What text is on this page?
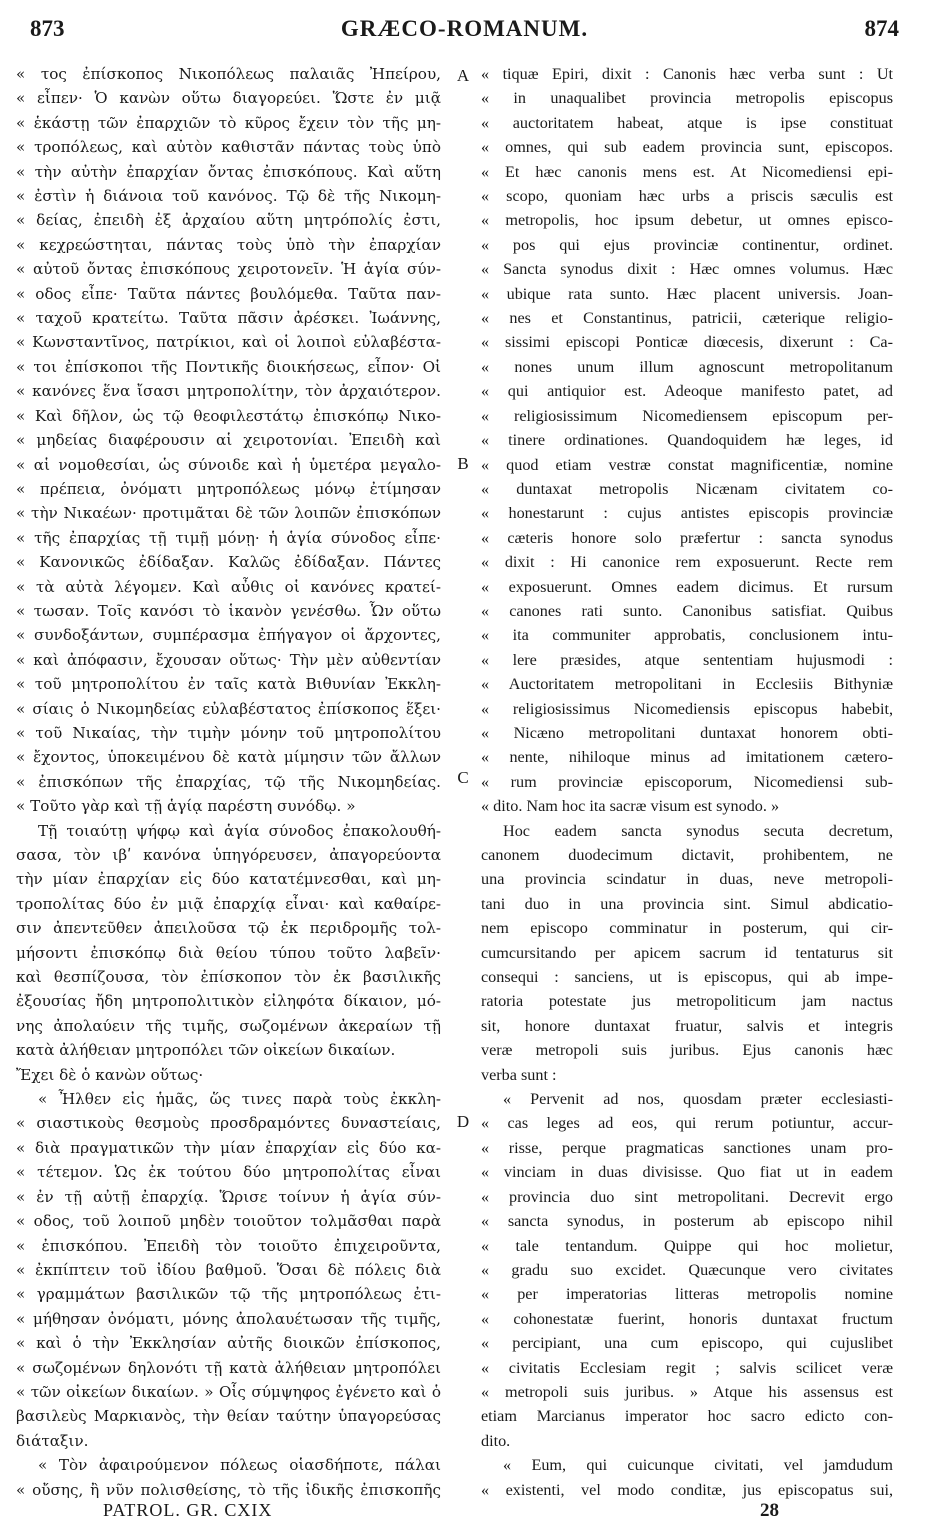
873	GRÆCO-ROMANUM.	874
« τος ἐπίσκοπος Νικοπόλεως παλαιᾶς Ἠπείρου,
« εἶπεν· Ὁ κανὼν οὕτω διαγορεύει. Ὥστε ἐν μιᾷ
« ἑκάστῃ τῶν ἐπαρχιῶν τὸ κῦρος ἔχειν τὸν τῆς μη-
« τροπόλεως, καὶ αὐτὸν καθιστᾶν πάντας τοὺς ὑπὸ
« τὴν αὐτὴν ἐπαρχίαν ὄντας ἐπισκόπους. Καὶ αὕτη
« ἐστὶν ἡ διάνοια τοῦ κανόνος. Τῷ δὲ τῆς Νικομη-
« δείας, ἐπειδὴ ἐξ ἀρχαίου αὕτη μητρόπολίς ἐστι,
« κεχρεώστηται, πάντας τοὺς ὑπὸ τὴν ἐπαρχίαν
« αὐτοῦ ὄντας ἐπισκόπους χειροτονεῖν. Ἡ ἁγία σύν-
« οδος εἶπε· Ταῦτα πάντες βουλόμεθα. Ταῦτα παν-
« ταχοῦ κρατείτω. Ταῦτα πᾶσιν ἀρέσκει. Ἰωάννης,
« Κωνσταντῖνος, πατρίκιοι, καὶ οἱ λοιποὶ εὐλαβέστα-
« τοι ἐπίσκοποι τῆς Ποντικῆς διοικήσεως, εἶπον· Οἱ
« κανόνες ἕνα ἴσασι μητροπολίτην, τὸν ἀρχαιότερον.
« Καὶ δῆλον, ὡς τῷ θεοφιλεστάτῳ ἐπισκόπῳ Νικο-
« μηδείας διαφέρουσιν αἱ χειροτονίαι. Ἐπειδὴ καὶ
« αἱ νομοθεσίαι, ὡς σύνοιδε καὶ ἡ ὑμετέρα μεγαλο-
« πρέπεια, ὀνόματι μητροπόλεως μόνῳ ἐτίμησαν
« τὴν Νικαέων· προτιμᾶται δὲ τῶν λοιπῶν ἐπισκόπων
« τῆς ἐπαρχίας τῇ τιμῇ μόνῃ· ἡ ἁγία σύνοδος εἶπε·
« Κανονικῶς ἐδίδαξαν. Καλῶς ἐδίδαξαν. Πάντες
« τὰ αὐτὰ λέγομεν. Καὶ αὖθις οἱ κανόνες κρατεί-
« τωσαν. Τοῖς κανόσι τὸ ἱκανὸν γενέσθω. Ὧν οὕτω
« συνδοξάντων, συμπέρασμα ἐπήγαγον οἱ ἄρχοντες,
« καὶ ἀπόφασιν, ἔχουσαν οὕτως· Τὴν μὲν αὐθεντίαν
« τοῦ μητροπολίτου ἐν ταῖς κατὰ Βιθυνίαν Ἐκκλη-
« σίαις ὁ Νικομηδείας εὐλαβέστατος ἐπίσκοπος ἕξει·
« τοῦ Νικαίας, τὴν τιμὴν μόνην τοῦ μητροπολίτου
« ἔχοντος, ὑποκειμένου δὲ κατὰ μίμησιν τῶν ἄλλων
« ἐπισκόπων τῆς ἐπαρχίας, τῷ τῆς Νικομηδείας.
« Τοῦτο γὰρ καὶ τῇ ἁγίᾳ παρέστη συνόδῳ. »
Τῇ τοιαύτῃ ψήφῳ καὶ ἁγία σύνοδος ἐπακολουθή-
σασα, τὸν ιβʹ κανόνα ὑπηγόρευσεν, ἀπαγορεύοντα
τὴν μίαν ἐπαρχίαν εἰς δύο κατατέμνεσθαι, καὶ μη-
τροπολίτας δύο ἐν μιᾷ ἐπαρχίᾳ εἶναι· καὶ καθαίρε-
σιν ἀπεντεῦθεν ἀπειλοῦσα τῷ ἐκ περιδρομῆς τολ-
μήσοντι ἐπισκόπῳ διὰ θείου τύπου τοῦτο λαβεῖν·
καὶ θεσπίζουσα, τὸν ἐπίσκοπον τὸν ἐκ βασιλικῆς
ἐξουσίας ἤδη μητροπολιτικὸν εἰληφότα δίκαιον, μό-
νης ἀπολαύειν τῆς τιμῆς, σωζομένων ἀκεραίων τῇ
κατὰ ἀλήθειαν μητροπόλει τῶν οἰκείων δικαίων.
Ἔχει δὲ ὁ κανὼν οὕτως·
« Ἦλθεν εἰς ἡμᾶς, ὥς τινες παρὰ τοὺς ἐκκλη-
« σιαστικοὺς θεσμοὺς προσδραμόντες δυναστείαις,
« διὰ πραγματικῶν τὴν μίαν ἐπαρχίαν εἰς δύο κα-
« τέτεμον. Ὡς ἐκ τούτου δύο μητροπολίτας εἶναι
« ἐν τῇ αὐτῇ ἐπαρχίᾳ. Ὥρισε τοίνυν ἡ ἁγία σύν-
« οδος, τοῦ λοιποῦ μηδὲν τοιοῦτον τολμᾶσθαι παρὰ
« ἐπισκόπου. Ἐπειδὴ τὸν τοιοῦτο ἐπιχειροῦντα,
« ἐκπίπτειν τοῦ ἰδίου βαθμοῦ. Ὅσαι δὲ πόλεις διὰ
« γραμμάτων βασιλικῶν τῷ τῆς μητροπόλεως ἐτι-
« μήθησαν ὀνόματι, μόνης ἀπολαυέτωσαν τῆς τιμῆς,
« καὶ ὁ τὴν Ἐκκλησίαν αὐτῆς διοικῶν ἐπίσκοπος,
« σωζομένων δηλονότι τῇ κατὰ ἀλήθειαν μητροπόλει
« τῶν οἰκείων δικαίων. » Οἷς σύμψηφος ἐγένετο καὶ ὁ
βασιλεὺς Μαρκιανὸς, τὴν θείαν ταύτην ὑπαγορεύσας
διάταξιν.
« Τὸν ἀφαιρούμενον πόλεως οἱασδήποτε, πάλαι
« οὔσης, ἢ νῦν πολισθείσης, τὸ τῆς ἰδικῆς ἐπισκοπῆς
« tiquæ Epiri, dixit : Canonis hæc verba sunt : Ut
« in unaqualibet provincia metropolis episcopus
« auctoritatem habeat, atque is ipse constituat
« omnes, qui sub eadem provincia sunt, episcopos.
« Et hæc canonis mens est. At Nicomediensi epi-
« scopo, quoniam hæc urbs a priscis sæculis est
« metropolis, hoc ipsum debetur, ut omnes episco-
« pos qui ejus provinciæ continentur, ordinet.
« Sancta synodus dixit : Hæc omnes volumus. Hæc
« ubique rata sunto. Hæc placent universis. Joan-
« nes et Constantinus, patricii, cæterique religio-
« sissimi episcopi Ponticæ diœcesis, dixerunt : Ca-
« nones unum illum agnoscunt metropolitanum
« qui antiquior est. Adeoque manifesto patet, ad
« religiosissimum Nicomediensem episcopum per-
« tinere ordinationes. Quandoquidem hæ leges, id
« quod etiam vestræ constat magnificentiæ, nomine
« duntaxat metropolis Nicænam civitatem co-
« honestarunt : cujus antistes episcopis provinciæ
« cæteris honore solo præfertur : sancta synodus
« dixit : Hi canonice rem exposuerunt. Recte rem
« exposuerunt. Omnes eadem dicimus. Et rursum
« canones rati sunto. Canonibus satisfiat. Quibus
« ita communiter approbatis, conclusionem intu-
« lere præsides, atque sententiam hujusmodi :
« Auctoritatem metropolitani in Ecclesiis Bithyniæ
« religiosissimus Nicomediensis episcopus habebit,
« Nicæno metropolitani duntaxat honorem obti-
« nente, nihiloque minus ad imitationem cætero-
« rum provinciæ episcoporum, Nicomediensi sub-
« dito. Nam hoc ita sacræ visum est synodo. »
Hoc eadem sancta synodus secuta decretum,
canonem duodecimum dictavit, prohibentem, ne
una provincia scindatur in duas, neve metropoli-
tani duo in una provincia sint. Simul abdicatio-
nem episcopo comminatur in posterum, qui cir-
cumcursitando per apicem sacrum id tentaturus sit
consequi : sanciens, ut is episcopus, qui ab impe-
ratoria potestate jus metropoliticum jam nactus
sit, honore duntaxat fruatur, salvis et integris
veræ metropoli suis juribus. Ejus canonis hæc
verba sunt :
« Pervenit ad nos, quosdam præter ecclesiasti-
« cas leges ad eos, qui rerum potiuntur, accur-
« risse, perque pragmaticas sanctiones unam pro-
« vinciam in duas divisisse. Quo fiat ut in eadem
« provincia duo sint metropolitani. Decrevit ergo
« sancta synodus, in posterum ab episcopo nihil
« tale tentandum. Quippe qui hoc molietur,
« gradu suo excidet. Quæcunque vero civitates
« per imperatorias litteras metropolis nomine
« cohonestatæ fuerint, honoris duntaxat fructum
« percipiant, una cum episcopo, qui cujuslibet
« civitatis Ecclesiam regit ; salvis scilicet veræ
« metropoli suis juribus. » Atque his assensus est
etiam Marcianus imperator hoc sacro edicto con-
dito.
« Eum, qui cuicunque civitati, vel jamdudum
« existenti, vel modo conditæ, jus episcopatus sui,
A
B
C
D
PATROL. GR. CXIX	28
